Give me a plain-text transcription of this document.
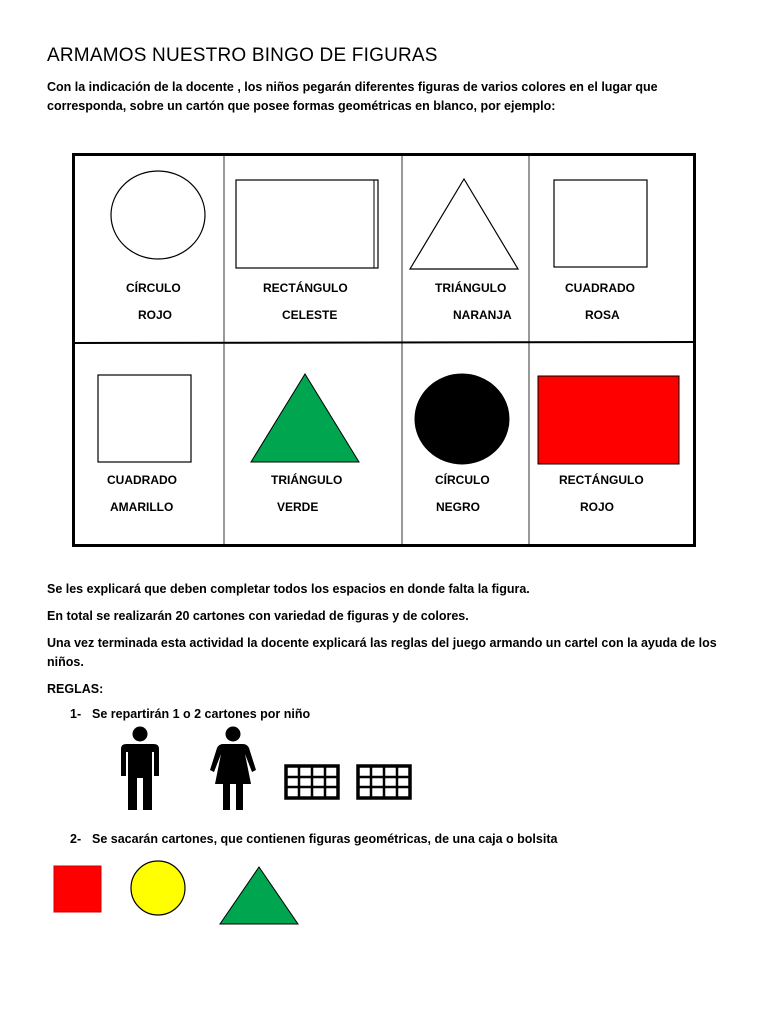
ARMAMOS NUESTRO BINGO DE FIGURAS
Con la indicación de la docente , los niños pegarán diferentes figuras de varios colores en el lugar que corresponda, sobre un cartón que posee formas geométricas en blanco, por ejemplo:
CÍRCULO
ROJO
RECTÁNGULO
CELESTE
TRIÁNGULO
NARANJA
CUADRADO
ROSA
CUADRADO
AMARILLO
TRIÁNGULO
VERDE
CÍRCULO
NEGRO
RECTÁNGULO
ROJO
Se les explicará que deben completar todos los espacios en donde falta la figura.
En total se realizarán 20 cartones con variedad de figuras y de colores.
Una vez terminada esta actividad la docente explicará las reglas del juego armando un cartel con la ayuda de los niños.
REGLAS:
1- Se repartirán 1 o 2 cartones por niño
2- Se sacarán cartones, que contienen figuras geométricas, de una caja o bolsita
